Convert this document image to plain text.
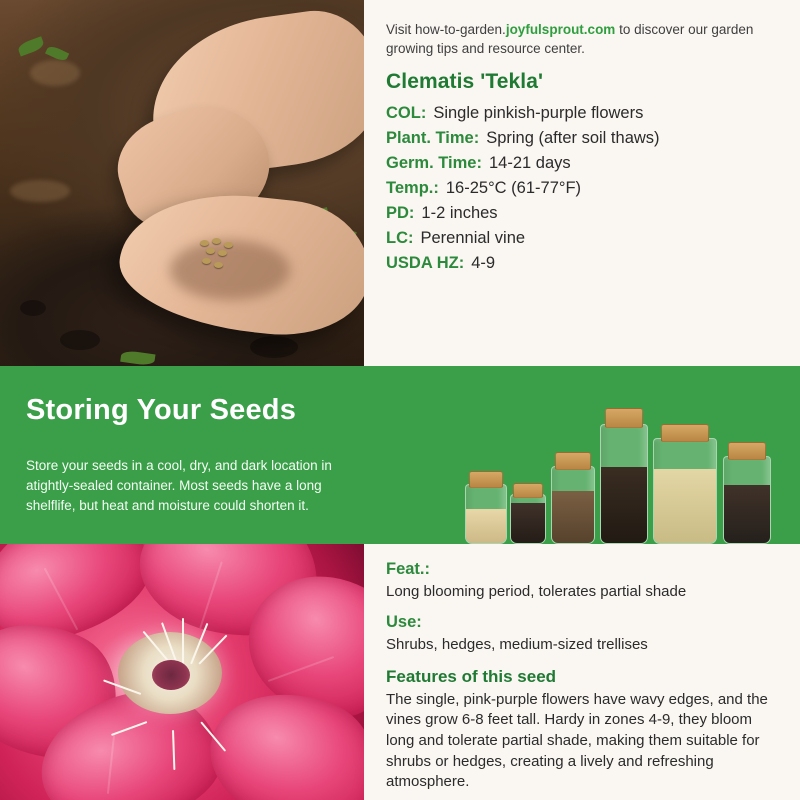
Visit how-to-garden.joyfulsprout.com to discover our garden growing tips and resource center.

Clematis 'Tekla'
COL: Single pinkish-purple flowers
Plant. Time: Spring (after soil thaws)
Germ. Time: 14-21 days
Temp.: 16-25°C (61-77°F)
PD: 1-2 inches
LC: Perennial vine
USDA HZ: 4-9
Storing Your Seeds

Store your seeds in a cool, dry, and dark location in atightly-sealed container. Most seeds have a long shelflife, but heat and moisture could shorten it.

Feat.:

Long blooming period, tolerates partial shade

Use:

Shrubs, hedges, medium-sized trellises

Features of this seed

The single, pink-purple flowers have wavy edges, and the vines grow 6-8 feet tall. Hardy in zones 4-9, they bloom long and tolerate partial shade, making them suitable for shrubs or hedges, creating a lively and refreshing atmosphere.
